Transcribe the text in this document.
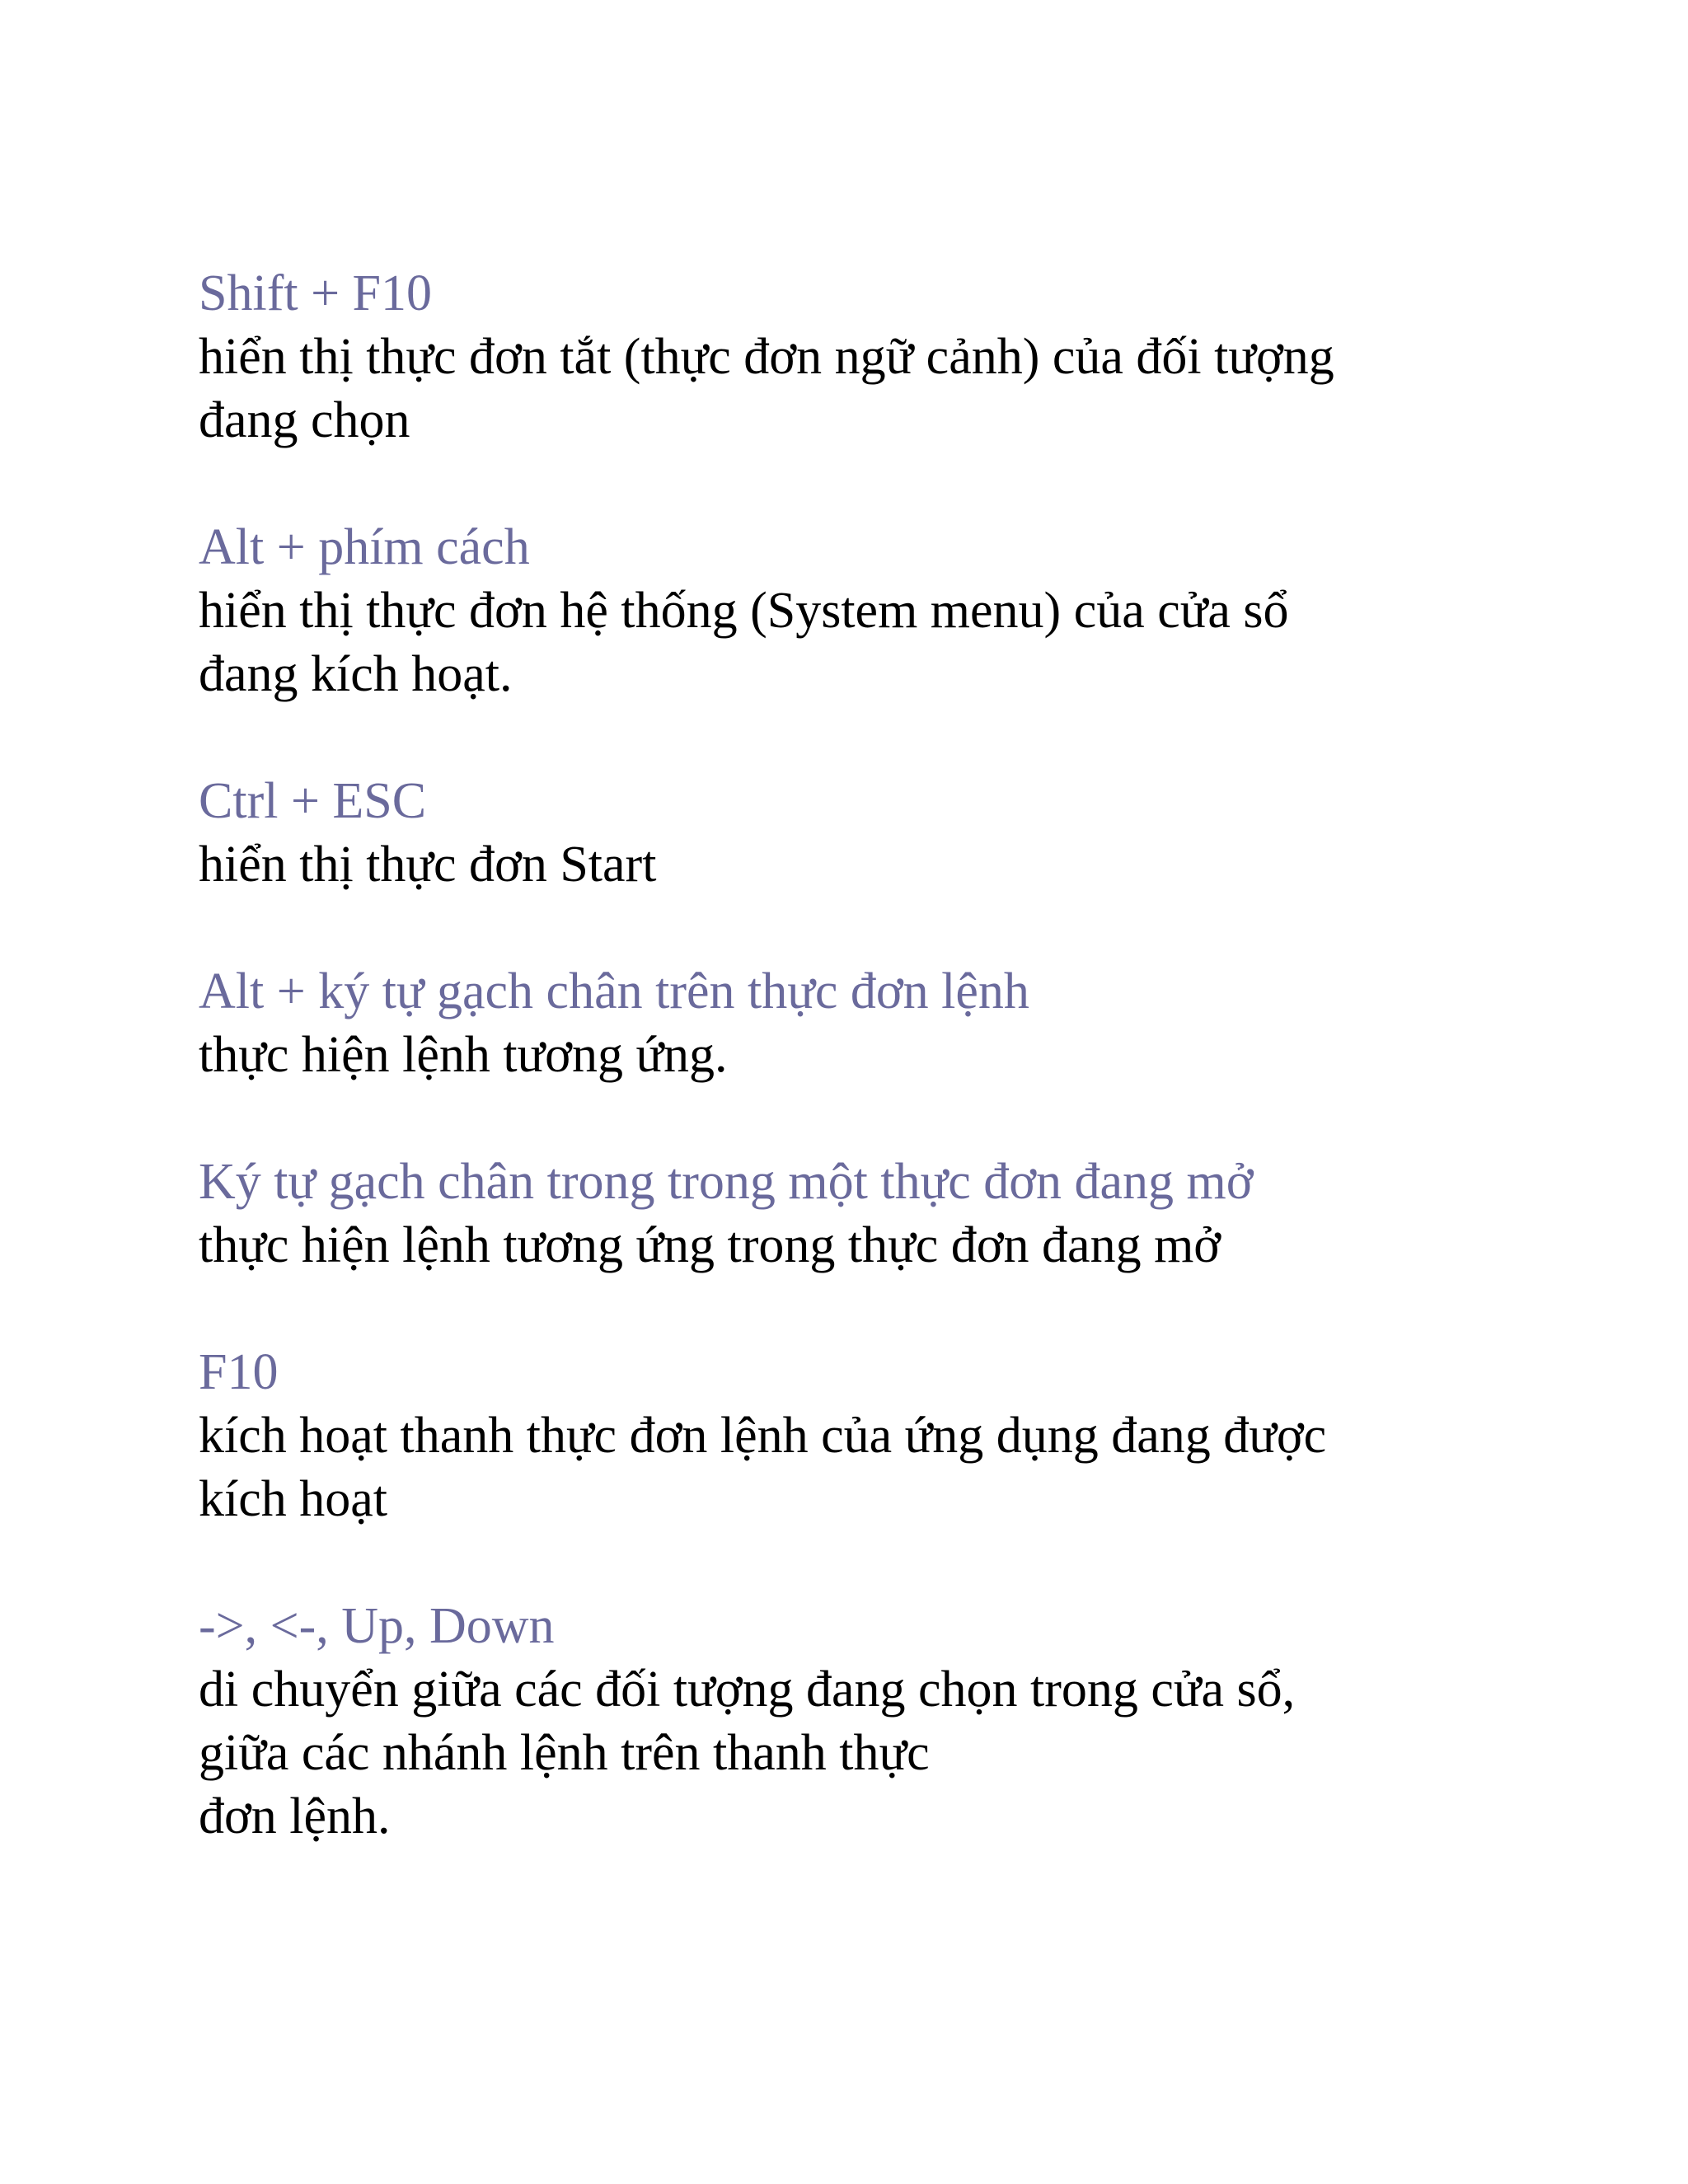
Shift + F10
hiển thị thực đơn tắt (thực đơn ngữ cảnh) của đối tượng
đang chọn
Alt + phím cách
hiển thị thực đơn hệ thống (System menu) của cửa sổ
đang kích hoạt.
Ctrl + ESC
hiển thị thực đơn Start
Alt + ký tự gạch chân trên thực đơn lệnh
thực hiện lệnh tương ứng.
Ký tự gạch chân trong trong một thực đơn đang mở
thực hiện lệnh tương ứng trong thực đơn đang mở
F10
kích hoạt thanh thực đơn lệnh của ứng dụng đang được
kích hoạt
->, <-, Up, Down
di chuyển giữa các đối tượng đang chọn trong cửa sổ,
giữa các nhánh lệnh trên thanh thực
đơn lệnh.
